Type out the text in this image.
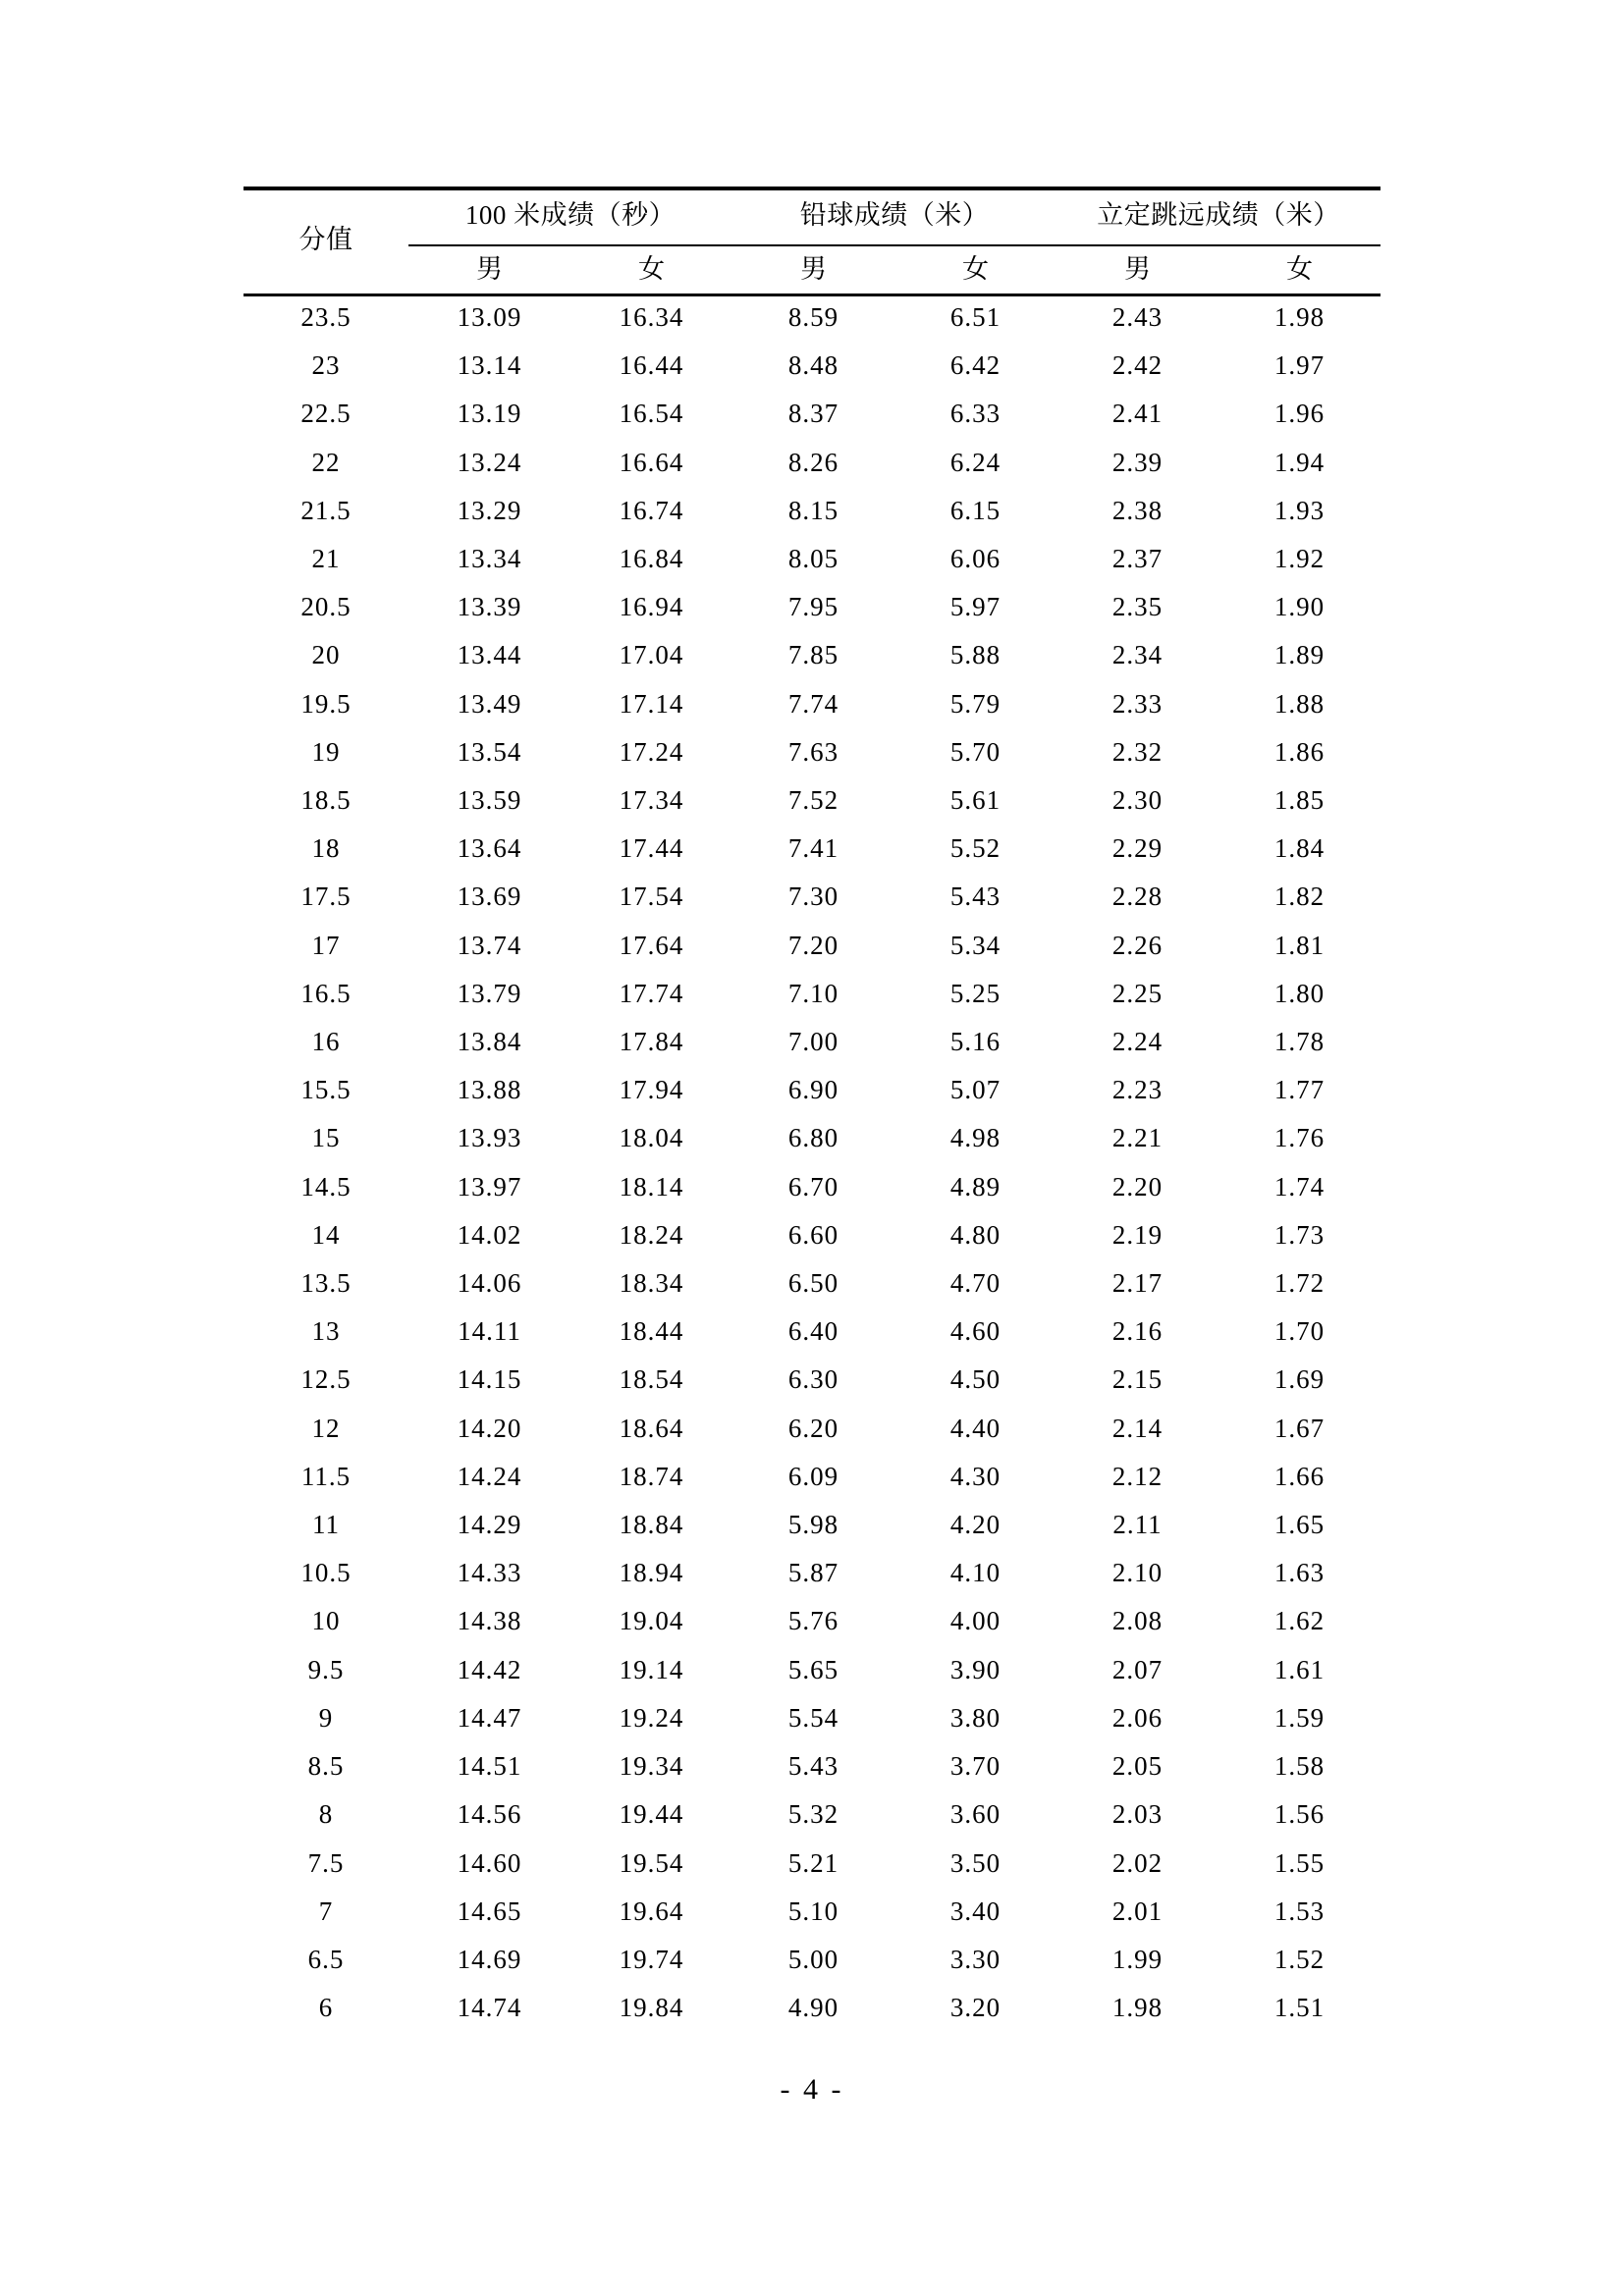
分值	100 米成绩（秒）		铅球成绩（米）		立定跳远成绩（米）	
	男	女	男	女	男	女
23.5	13.09	16.34	8.59	6.51	2.43	1.98
23	13.14	16.44	8.48	6.42	2.42	1.97
22.5	13.19	16.54	8.37	6.33	2.41	1.96
22	13.24	16.64	8.26	6.24	2.39	1.94
21.5	13.29	16.74	8.15	6.15	2.38	1.93
21	13.34	16.84	8.05	6.06	2.37	1.92
20.5	13.39	16.94	7.95	5.97	2.35	1.90
20	13.44	17.04	7.85	5.88	2.34	1.89
19.5	13.49	17.14	7.74	5.79	2.33	1.88
19	13.54	17.24	7.63	5.70	2.32	1.86
18.5	13.59	17.34	7.52	5.61	2.30	1.85
18	13.64	17.44	7.41	5.52	2.29	1.84
17.5	13.69	17.54	7.30	5.43	2.28	1.82
17	13.74	17.64	7.20	5.34	2.26	1.81
16.5	13.79	17.74	7.10	5.25	2.25	1.80
16	13.84	17.84	7.00	5.16	2.24	1.78
15.5	13.88	17.94	6.90	5.07	2.23	1.77
15	13.93	18.04	6.80	4.98	2.21	1.76
14.5	13.97	18.14	6.70	4.89	2.20	1.74
14	14.02	18.24	6.60	4.80	2.19	1.73
13.5	14.06	18.34	6.50	4.70	2.17	1.72
13	14.11	18.44	6.40	4.60	2.16	1.70
12.5	14.15	18.54	6.30	4.50	2.15	1.69
12	14.20	18.64	6.20	4.40	2.14	1.67
11.5	14.24	18.74	6.09	4.30	2.12	1.66
11	14.29	18.84	5.98	4.20	2.11	1.65
10.5	14.33	18.94	5.87	4.10	2.10	1.63
10	14.38	19.04	5.76	4.00	2.08	1.62
9.5	14.42	19.14	5.65	3.90	2.07	1.61
9	14.47	19.24	5.54	3.80	2.06	1.59
8.5	14.51	19.34	5.43	3.70	2.05	1.58
8	14.56	19.44	5.32	3.60	2.03	1.56
7.5	14.60	19.54	5.21	3.50	2.02	1.55
7	14.65	19.64	5.10	3.40	2.01	1.53
6.5	14.69	19.74	5.00	3.30	1.99	1.52
6	14.74	19.84	4.90	3.20	1.98	1.51
- 4 -
